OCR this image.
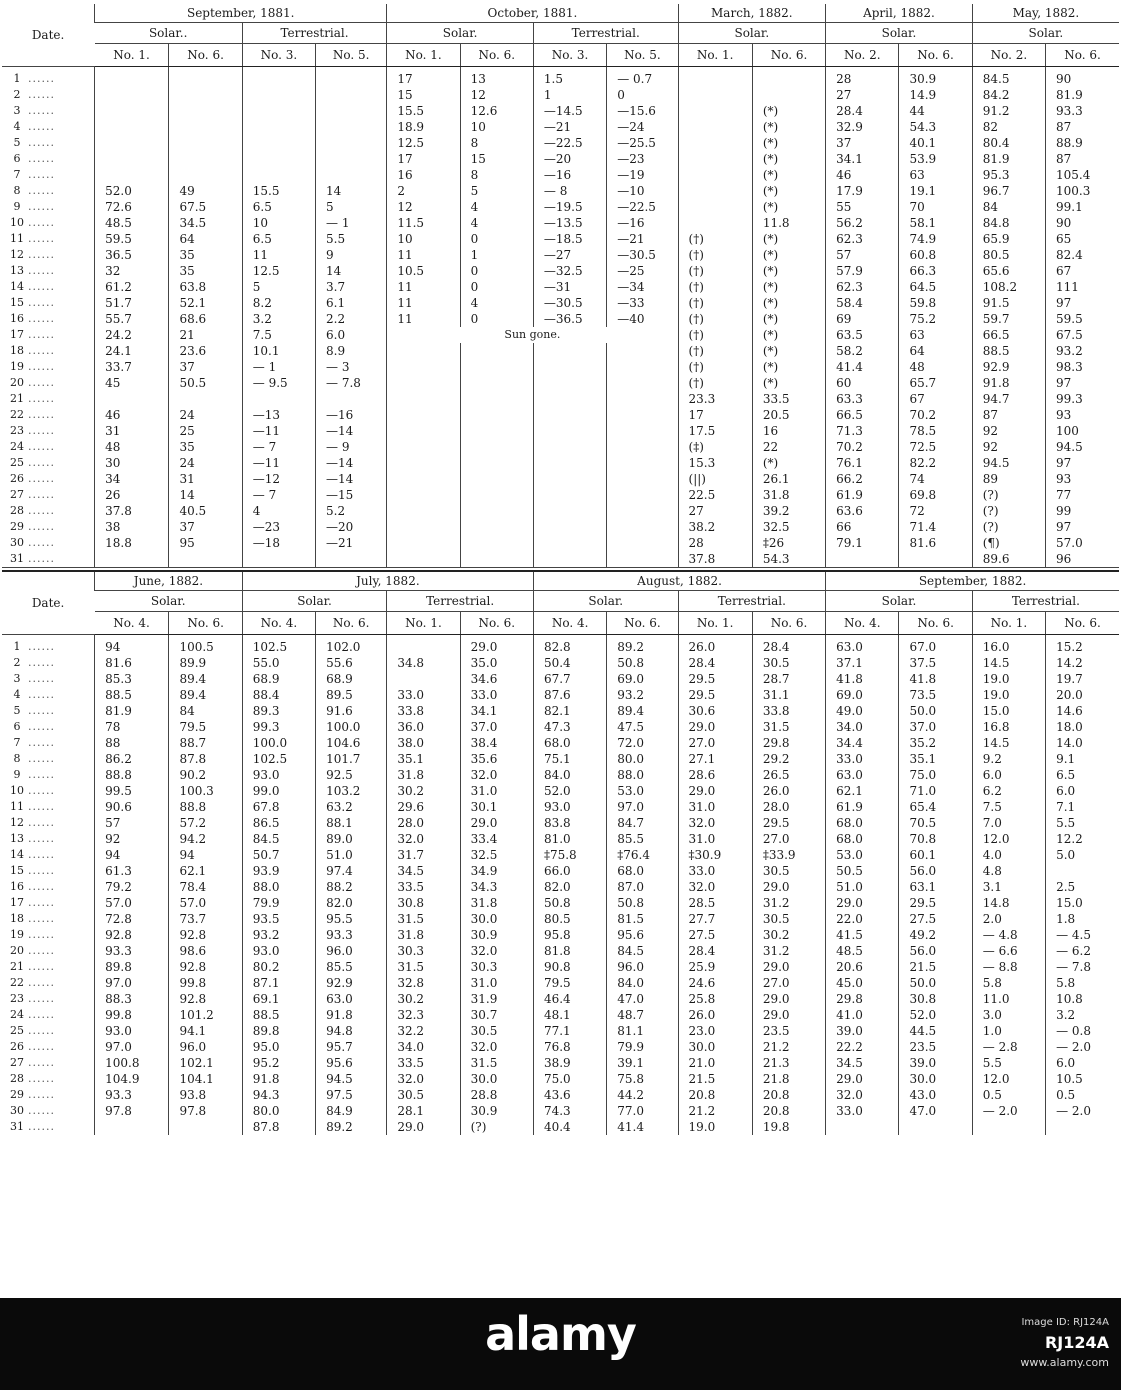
Date.	September, 1881.				October, 1881.				March, 1882.		April, 1882.		May, 1882.	
	Solar..		Terrestrial.		Solar.		Terrestrial.		Solar.		Solar.		Solar.	
	No. 1.	No. 6.	No. 3.	No. 5.	No. 1.	No. 6.	No. 3.	No. 5.	No. 1.	No. 6.	No. 2.	No. 6.	No. 2.	No. 6.
1 ......					17	13	1.5	— 0.7			28	30.9	84.5	90
2 ......					15	12	1	0			27	14.9	84.2	81.9
3 ......					15.5	12.6	—14.5	—15.6		(*)	28.4	44	91.2	93.3
4 ......					18.9	10	—21	—24		(*)	32.9	54.3	82	87
5 ......					12.5	8	—22.5	—25.5		(*)	37	40.1	80.4	88.9
6 ......					17	15	—20	—23		(*)	34.1	53.9	81.9	87
7 ......					16	8	—16	—19		(*)	46	63	95.3	105.4
8 ......	52.0	49	15.5	14	2	5	— 8	—10		(*)	17.9	19.1	96.7	100.3
9 ......	72.6	67.5	6.5	5	12	4	—19.5	—22.5		(*)	55	70	84	99.1
10 ......	48.5	34.5	10	— 1	11.5	4	—13.5	—16		11.8	56.2	58.1	84.8	90
11 ......	59.5	64	6.5	5.5	10	0	—18.5	—21	(†)	(*)	62.3	74.9	65.9	65
12 ......	36.5	35	11	9	11	1	—27	—30.5	(†)	(*)	57	60.8	80.5	82.4
13 ......	32	35	12.5	14	10.5	0	—32.5	—25	(†)	(*)	57.9	66.3	65.6	67
14 ......	61.2	63.8	5	3.7	11	0	—31	—34	(†)	(*)	62.3	64.5	108.2	111
15 ......	51.7	52.1	8.2	6.1	11	4	—30.5	—33	(†)	(*)	58.4	59.8	91.5	97
16 ......	55.7	68.6	3.2	2.2	11	0	—36.5	—40	(†)	(*)	69	75.2	59.7	59.5
17 ......	24.2	21	7.5	6.0	Sun gone.				(†)	(*)	63.5	63	66.5	67.5
18 ......	24.1	23.6	10.1	8.9					(†)	(*)	58.2	64	88.5	93.2
19 ......	33.7	37	— 1	— 3					(†)	(*)	41.4	48	92.9	98.3
20 ......	45	50.5	— 9.5	— 7.8					(†)	(*)	60	65.7	91.8	97
21 ......									23.3	33.5	63.3	67	94.7	99.3
22 ......	46	24	—13	—16					17	20.5	66.5	70.2	87	93
23 ......	31	25	—11	—14					17.5	16	71.3	78.5	92	100
24 ......	48	35	— 7	— 9					(‡)	22	70.2	72.5	92	94.5
25 ......	30	24	—11	—14					15.3	(*)	76.1	82.2	94.5	97
26 ......	34	31	—12	—14					(||)	26.1	66.2	74	89	93
27 ......	26	14	— 7	—15					22.5	31.8	61.9	69.8	(?)	77
28 ......	37.8	40.5	4	5.2					27	39.2	63.6	72	(?)	99
29 ......	38	37	—23	—20					38.2	32.5	66	71.4	(?)	97
30 ......	18.8	95	—18	—21					28	‡26	79.1	81.6	(¶)	57.0
31 ......									37.8	54.3			89.6	96
Date.	June, 1882.		July, 1882.				August, 1882.				September, 1882.			
	Solar.		Solar.		Terrestrial.		Solar.		Terrestrial.		Solar.		Terrestrial.	
	No. 4.	No. 6.	No. 4.	No. 6.	No. 1.	No. 6.	No. 4.	No. 6.	No. 1.	No. 6.	No. 4.	No. 6.	No. 1.	No. 6.
1 ......	94	100.5	102.5	102.0		29.0	82.8	89.2	26.0	28.4	63.0	67.0	16.0	15.2
2 ......	81.6	89.9	55.0	55.6	34.8	35.0	50.4	50.8	28.4	30.5	37.1	37.5	14.5	14.2
3 ......	85.3	89.4	68.9	68.9		34.6	67.7	69.0	29.5	28.7	41.8	41.8	19.0	19.7
4 ......	88.5	89.4	88.4	89.5	33.0	33.0	87.6	93.2	29.5	31.1	69.0	73.5	19.0	20.0
5 ......	81.9	84	89.3	91.6	33.8	34.1	82.1	89.4	30.6	33.8	49.0	50.0	15.0	14.6
6 ......	78	79.5	99.3	100.0	36.0	37.0	47.3	47.5	29.0	31.5	34.0	37.0	16.8	18.0
7 ......	88	88.7	100.0	104.6	38.0	38.4	68.0	72.0	27.0	29.8	34.4	35.2	14.5	14.0
8 ......	86.2	87.8	102.5	101.7	35.1	35.6	75.1	80.0	27.1	29.2	33.0	35.1	9.2	9.1
9 ......	88.8	90.2	93.0	92.5	31.8	32.0	84.0	88.0	28.6	26.5	63.0	75.0	6.0	6.5
10 ......	99.5	100.3	99.0	103.2	30.2	31.0	52.0	53.0	29.0	26.0	62.1	71.0	6.2	6.0
11 ......	90.6	88.8	67.8	63.2	29.6	30.1	93.0	97.0	31.0	28.0	61.9	65.4	7.5	7.1
12 ......	57	57.2	86.5	88.1	28.0	29.0	83.8	84.7	32.0	29.5	68.0	70.5	7.0	5.5
13 ......	92	94.2	84.5	89.0	32.0	33.4	81.0	85.5	31.0	27.0	68.0	70.8	12.0	12.2
14 ......	94	94	50.7	51.0	31.7	32.5	‡75.8	‡76.4	‡30.9	‡33.9	53.0	60.1	4.0	5.0
15 ......	61.3	62.1	93.9	97.4	34.5	34.9	66.0	68.0	33.0	30.5	50.5	56.0	4.8	
16 ......	79.2	78.4	88.0	88.2	33.5	34.3	82.0	87.0	32.0	29.0	51.0	63.1	3.1	2.5
17 ......	57.0	57.0	79.9	82.0	30.8	31.8	50.8	50.8	28.5	31.2	29.0	29.5	14.8	15.0
18 ......	72.8	73.7	93.5	95.5	31.5	30.0	80.5	81.5	27.7	30.5	22.0	27.5	2.0	1.8
19 ......	92.8	92.8	93.2	93.3	31.8	30.9	95.8	95.6	27.5	30.2	41.5	49.2	— 4.8	— 4.5
20 ......	93.3	98.6	93.0	96.0	30.3	32.0	81.8	84.5	28.4	31.2	48.5	56.0	— 6.6	— 6.2
21 ......	89.8	92.8	80.2	85.5	31.5	30.3	90.8	96.0	25.9	29.0	20.6	21.5	— 8.8	— 7.8
22 ......	97.0	99.8	87.1	92.9	32.8	31.0	79.5	84.0	24.6	27.0	45.0	50.0	5.8	5.8
23 ......	88.3	92.8	69.1	63.0	30.2	31.9	46.4	47.0	25.8	29.0	29.8	30.8	11.0	10.8
24 ......	99.8	101.2	88.5	91.8	32.3	30.7	48.1	48.7	26.0	29.0	41.0	52.0	3.0	3.2
25 ......	93.0	94.1	89.8	94.8	32.2	30.5	77.1	81.1	23.0	23.5	39.0	44.5	1.0	— 0.8
26 ......	97.0	96.0	95.0	95.7	34.0	32.0	76.8	79.9	30.0	21.2	22.2	23.5	— 2.8	— 2.0
27 ......	100.8	102.1	95.2	95.6	33.5	31.5	38.9	39.1	21.0	21.3	34.5	39.0	5.5	6.0
28 ......	104.9	104.1	91.8	94.5	32.0	30.0	75.0	75.8	21.5	21.8	29.0	30.0	12.0	10.5
29 ......	93.3	93.8	94.3	97.5	30.5	28.8	43.6	44.2	20.8	20.8	32.0	43.0	0.5	0.5
30 ......	97.8	97.8	80.0	84.9	28.1	30.9	74.3	77.0	21.2	20.8	33.0	47.0	— 2.0	— 2.0
31 ......			87.8	89.2	29.0	(?)	40.4	41.4	19.0	19.8				
alamy	Image ID: RJ124A
RJ124A
www.alamy.com
